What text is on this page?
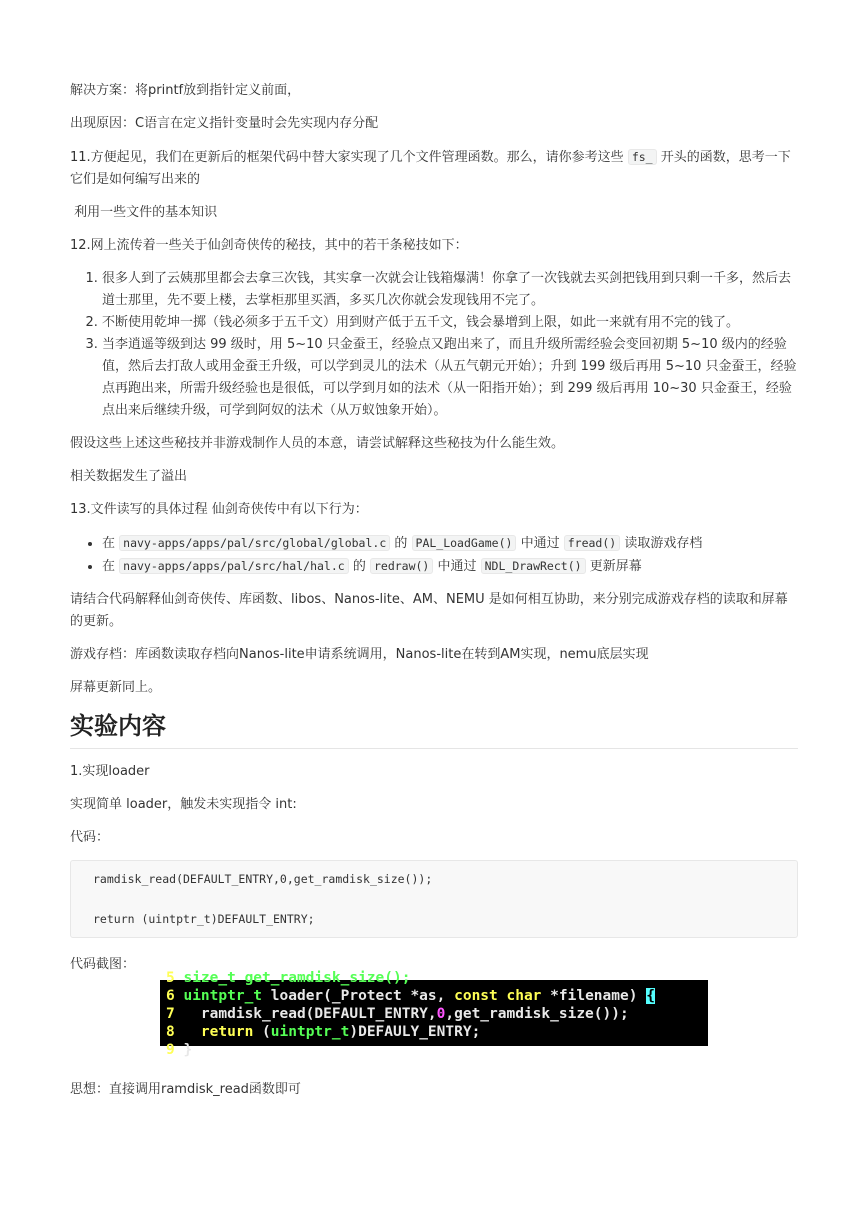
解决方案：将printf放到指针定义前面，

出现原因：C语言在定义指针变量时会先实现内存分配

11.方便起见，我们在更新后的框架代码中替大家实现了几个文件管理函数。那么，请你参考这些 fs_ 开头的函数，思考一下它们是如何编写出来的

利用一些文件的基本知识

12.网上流传着一些关于仙剑奇侠传的秘技，其中的若干条秘技如下：

1. 很多人到了云姨那里都会去拿三次钱，其实拿一次就会让钱箱爆满！你拿了一次钱就去买剑把钱用到只剩一千多，然后去道士那里，先不要上楼，去掌柜那里买酒，多买几次你就会发现钱用不完了。
2. 不断使用乾坤一掷（钱必须多于五千文）用到财产低于五千文，钱会暴增到上限，如此一来就有用不完的钱了。
3. 当李逍遥等级到达 99 级时，用 5~10 只金蚕王，经验点又跑出来了，而且升级所需经验会变回初期 5~10 级内的经验值，然后去打敌人或用金蚕王升级，可以学到灵儿的法术（从五气朝元开始）；升到 199 级后再用 5~10 只金蚕王，经验点再跑出来，所需升级经验也是很低，可以学到月如的法术（从一阳指开始）；到 299 级后再用 10~30 只金蚕王，经验点出来后继续升级，可学到阿奴的法术（从万蚁蚀象开始）。

假设这些上述这些秘技并非游戏制作人员的本意，请尝试解释这些秘技为什么能生效。

相关数据发生了溢出

13.文件读写的具体过程 仙剑奇侠传中有以下行为：

• 在 navy-apps/apps/pal/src/global/global.c 的 PAL_LoadGame() 中通过 fread() 读取游戏存档
• 在 navy-apps/apps/pal/src/hal/hal.c 的 redraw() 中通过 NDL_DrawRect() 更新屏幕

请结合代码解释仙剑奇侠传、库函数、libos、Nanos-lite、AM、NEMU 是如何相互协助，来分别完成游戏存档的读取和屏幕的更新。

游戏存档：库函数读取存档向Nanos-lite申请系统调用，Nanos-lite在转到AM实现，nemu底层实现

屏幕更新同上。

实验内容

1.实现loader

实现简单 loader，触发未实现指令 int:

代码：

ramdisk_read(DEFAULT_ENTRY,0,get_ramdisk_size());
return (uintptr_t)DEFAULT_ENTRY;

代码截图：

5 size_t get_ramdisk_size();
6 uintptr_t loader(_Protect *as, const char *filename) {
7   ramdisk_read(DEFAULT_ENTRY,0,get_ramdisk_size());
8   return (uintptr_t)DEFAULY_ENTRY;
9 }

思想：直接调用ramdisk_read函数即可
